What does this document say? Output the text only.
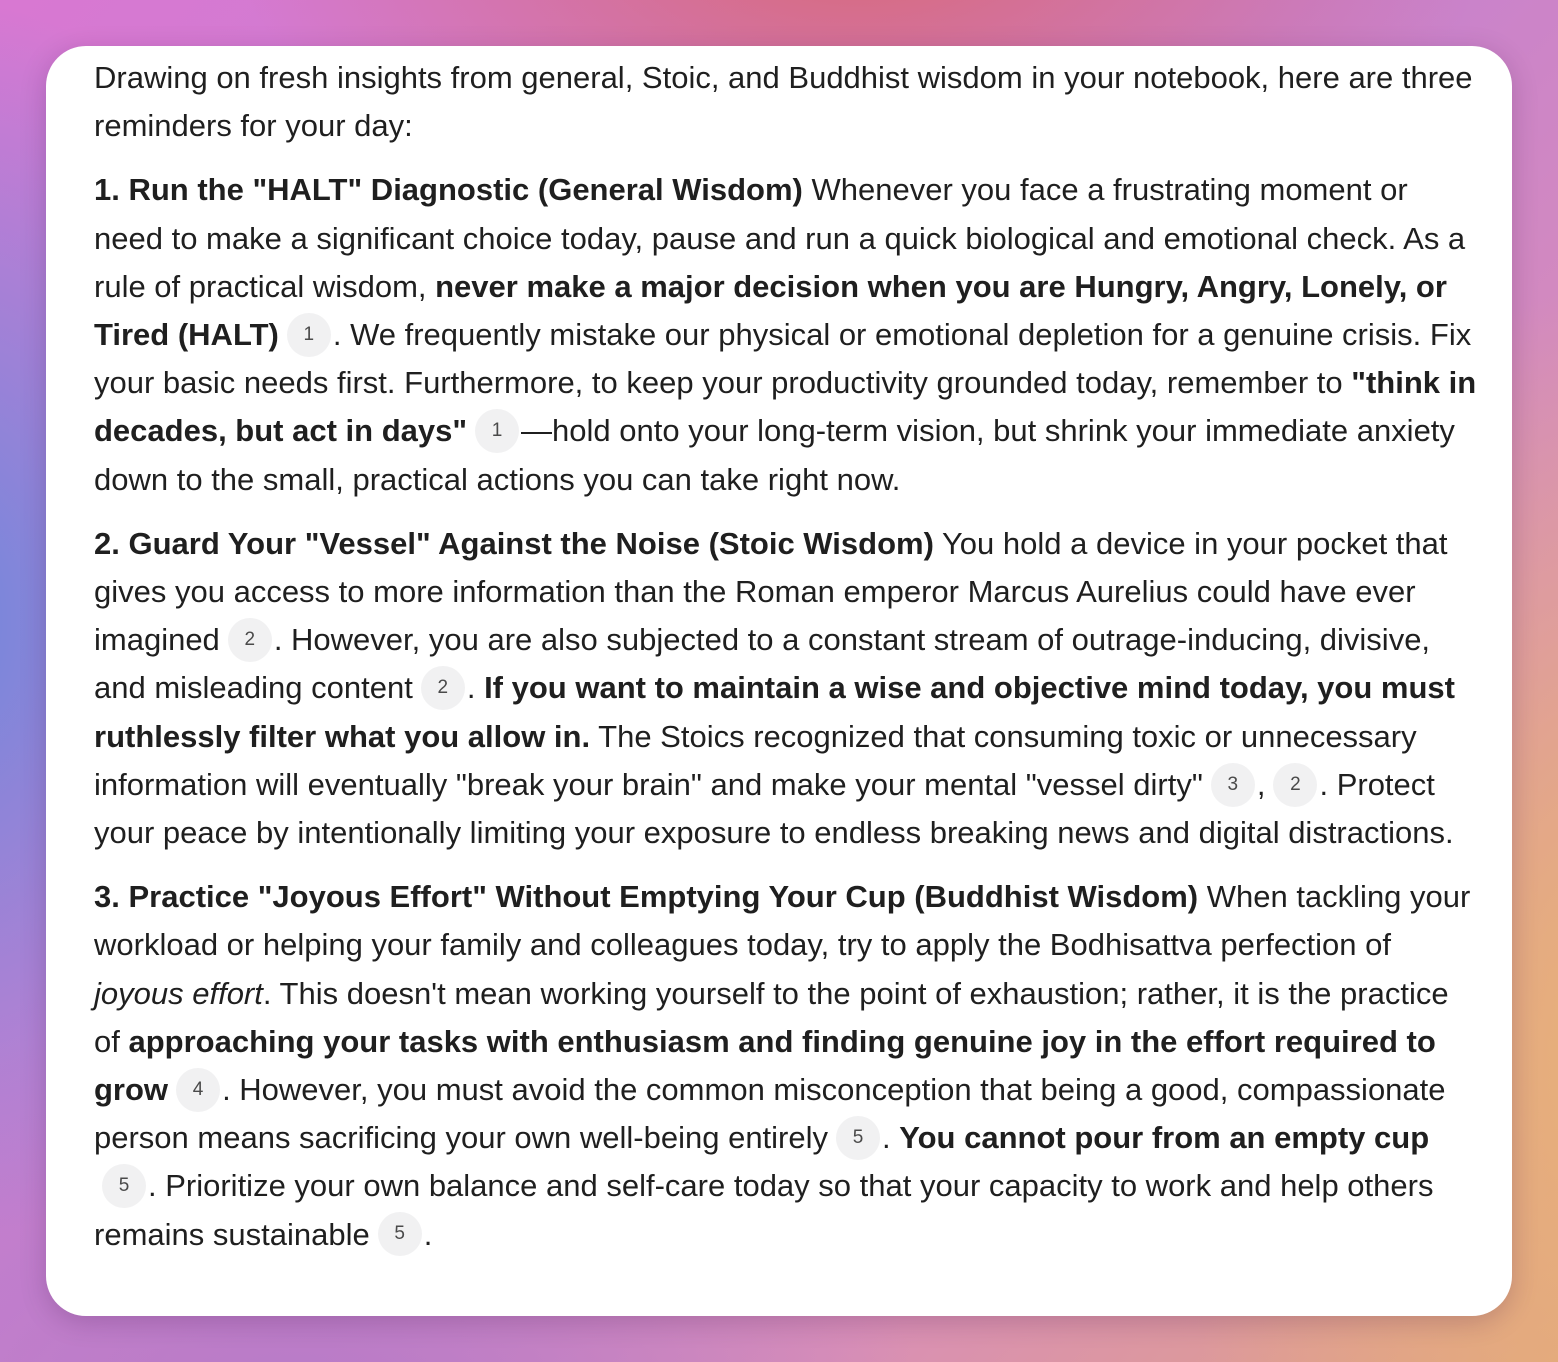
Drawing on fresh insights from general, Stoic, and Buddhist wisdom in your notebook, here are three reminders for your day:

1. Run the "HALT" Diagnostic (General Wisdom) Whenever you face a frustrating moment or need to make a significant choice today, pause and run a quick biological and emotional check. As a rule of practical wisdom, never make a major decision when you are Hungry, Angry, Lonely, or Tired (HALT) 1 . We frequently mistake our physical or emotional depletion for a genuine crisis. Fix your basic needs first. Furthermore, to keep your productivity grounded today, remember to "think in decades, but act in days" 1 —hold onto your long-term vision, but shrink your immediate anxiety down to the small, practical actions you can take right now.

2. Guard Your "Vessel" Against the Noise (Stoic Wisdom) You hold a device in your pocket that gives you access to more information than the Roman emperor Marcus Aurelius could have ever imagined 2 . However, you are also subjected to a constant stream of outrage-inducing, divisive, and misleading content 2 . If you want to maintain a wise and objective mind today, you must ruthlessly filter what you allow in. The Stoics recognized that consuming toxic or unnecessary information will eventually "break your brain" and make your mental "vessel dirty" 3 , 2 . Protect your peace by intentionally limiting your exposure to endless breaking news and digital distractions.

3. Practice "Joyous Effort" Without Emptying Your Cup (Buddhist Wisdom) When tackling your workload or helping your family and colleagues today, try to apply the Bodhisattva perfection of joyous effort. This doesn't mean working yourself to the point of exhaustion; rather, it is the practice of approaching your tasks with enthusiasm and finding genuine joy in the effort required to grow 4 . However, you must avoid the common misconception that being a good, compassionate person means sacrificing your own well-being entirely 5 . You cannot pour from an empty cup5 . Prioritize your own balance and self-care today so that your capacity to work and help others remains sustainable 5 .
